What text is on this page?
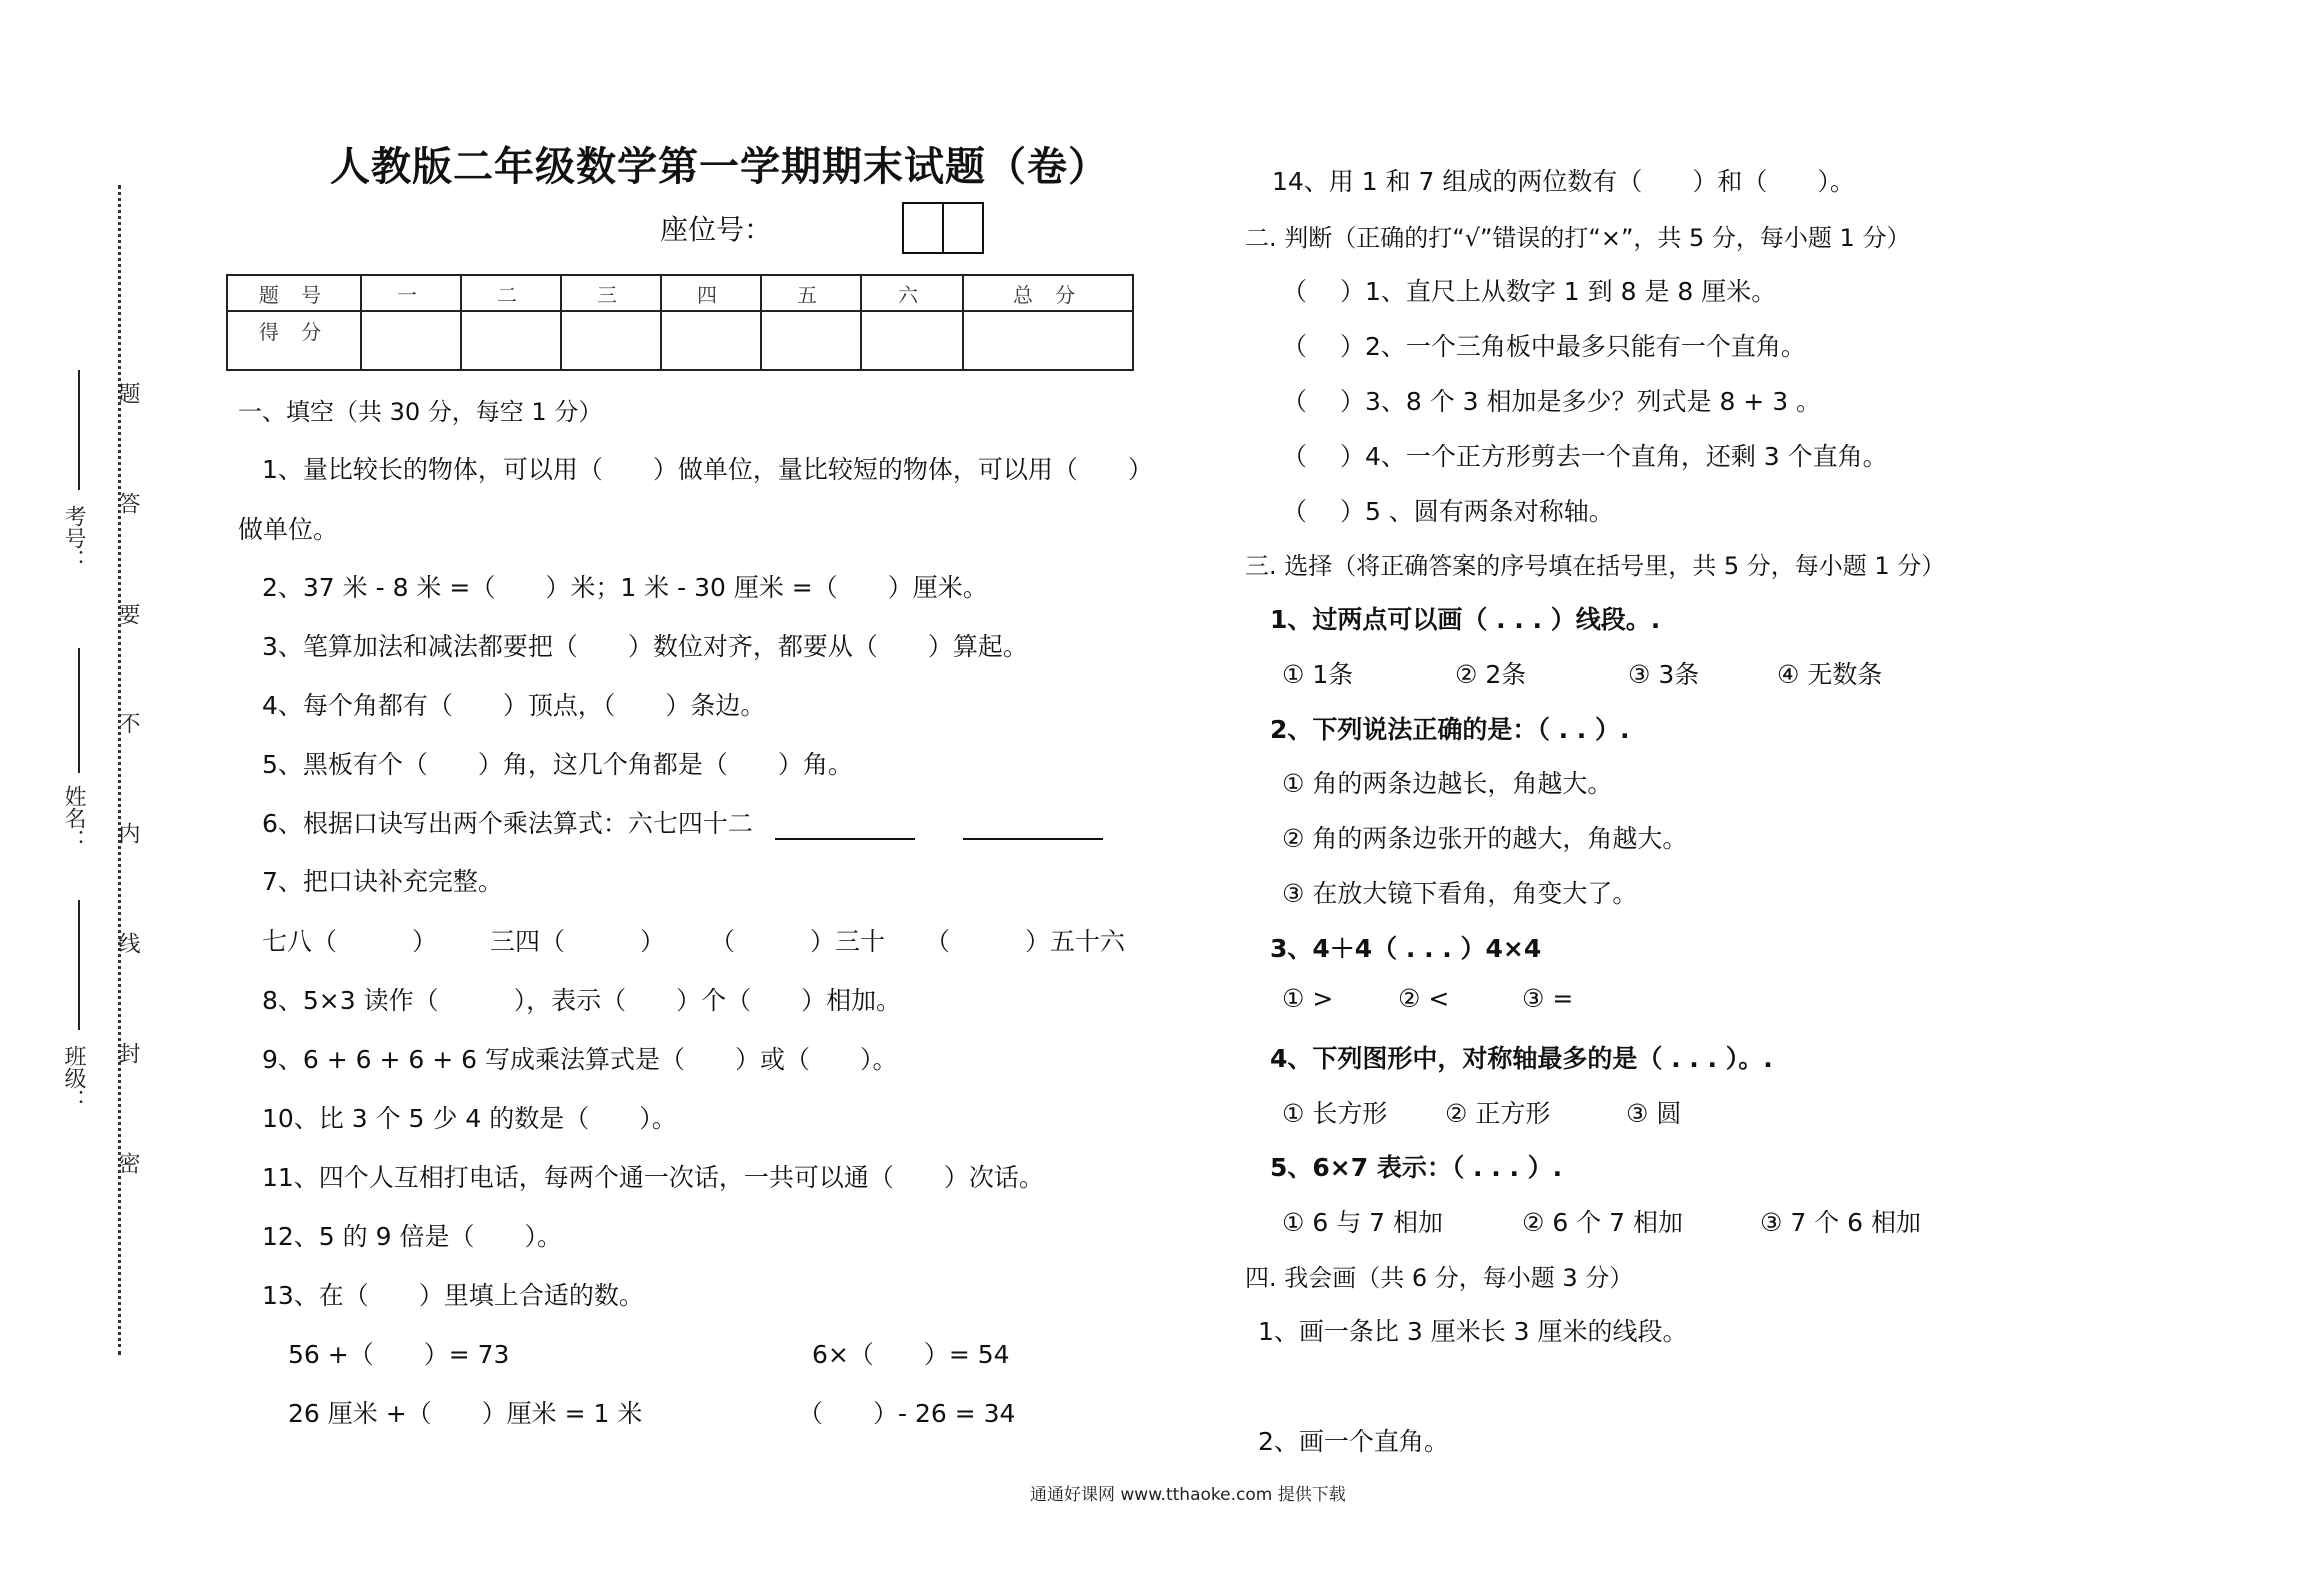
题
答
要
不
内
线
封
密
考号：
姓名：
班级：
人教版二年级数学第一学期期末试题（卷）
座位号：
题 号	一	二	三	四	五	六	总 分
得 分							
一、填空（共 30 分，每空 1 分）
1、量比较长的物体，可以用（　　）做单位，量比较短的物体，可以用（　　）
做单位。
2、37 米 - 8 米 =（　　）米；1 米 - 30 厘米 =（　　）厘米。
3、笔算加法和减法都要把（　　）数位对齐，都要从（　　）算起。
4、每个角都有（　　）顶点，（　　）条边。
5、黑板有个（　　）角，这几个角都是（　　）角。
6、根据口诀写出两个乘法算式：六七四十二
7、把口诀补充完整。
七八（　　　） 三四（　　　） （　　　）三十 （　　　）五十六
8、5×3 读作（　　　），表示（　　）个（　　）相加。
9、6 + 6 + 6 + 6 写成乘法算式是（　　）或（　　）。
10、比 3 个 5 少 4 的数是（　　）。
11、四个人互相打电话，每两个通一次话，一共可以通（　　）次话。
12、5 的 9 倍是（　　）。
13、在（　　）里填上合适的数。
56 +（　　）= 73	6×（　　）= 54
26 厘米 +（　　）厘米 = 1 米	（　　）- 26 = 34
14、用 1 和 7 组成的两位数有（　　）和（　　）。
二. 判断（正确的打“√”错误的打“×”，共 5 分，每小题 1 分）
（　 ）1、直尺上从数字 1 到 8 是 8 厘米。
（　 ）2、一个三角板中最多只能有一个直角。
（　 ）3、8 个 3 相加是多少？列式是 8 + 3 。
（　 ）4、一个正方形剪去一个直角，还剩 3 个直角。
（　 ）5 、圆有两条对称轴。
三. 选择（将正确答案的序号填在括号里，共 5 分，每小题 1 分）
1、过两点可以画（ . . . ）线段。.
① 1条	② 2条	③ 3条	④ 无数条
2、下列说法正确的是：（ . . ）.
① 角的两条边越长，角越大。
② 角的两条边张开的越大，角越大。
③ 在放大镜下看角，角变大了。
3、4＋4（ . . . ）4×4
① >	② <	③ =
4、下列图形中，对称轴最多的是（ . . . ）。.
① 长方形 ② 正方形	③ 圆
5、6×7 表示：（ . . . ）.
① 6 与 7 相加	② 6 个 7 相加	③ 7 个 6 相加
四. 我会画（共 6 分，每小题 3 分）
1、画一条比 3 厘米长 3 厘米的线段。
2、画一个直角。
通通好课网 www.tthaoke.com 提供下载
